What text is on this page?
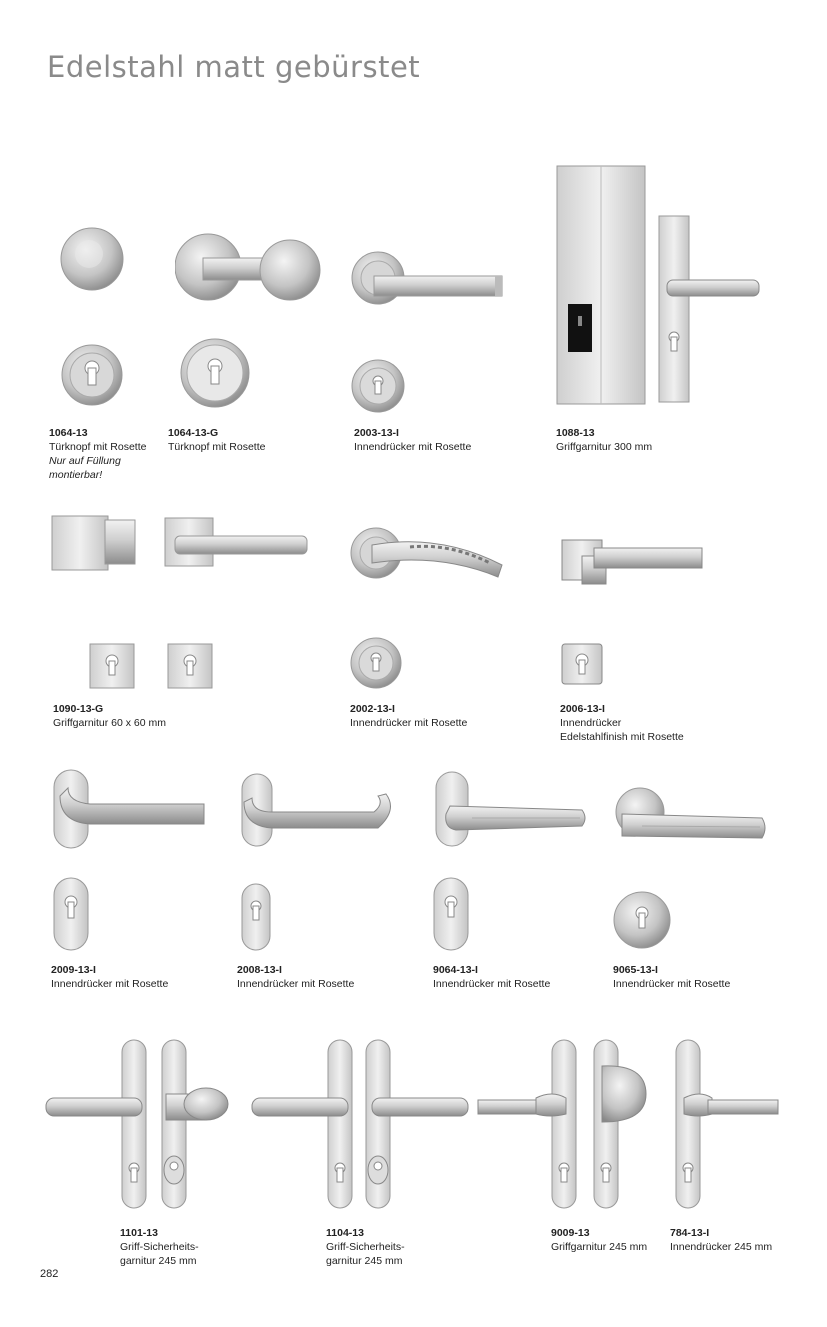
Edelstahl matt gebürstet
1064-13
Türknopf mit Rosette
Nur auf Füllung
montierbar!
1064-13-G
Türknopf mit Rosette
2003-13-I
Innendrücker mit Rosette
1088-13
Griffgarnitur 300 mm
1090-13-G
Griffgarnitur 60 x 60 mm
2002-13-I
Innendrücker mit Rosette
2006-13-I
Innendrücker
Edelstahlfinish mit Rosette
2009-13-I
Innendrücker mit Rosette
2008-13-I
Innendrücker mit Rosette
9064-13-I
Innendrücker mit Rosette
9065-13-I
Innendrücker mit Rosette
1101-13
Griff-Sicherheits-
garnitur 245 mm
1104-13
Griff-Sicherheits-
garnitur 245 mm
9009-13
Griffgarnitur 245 mm
784-13-I
Innendrücker 245 mm
282
